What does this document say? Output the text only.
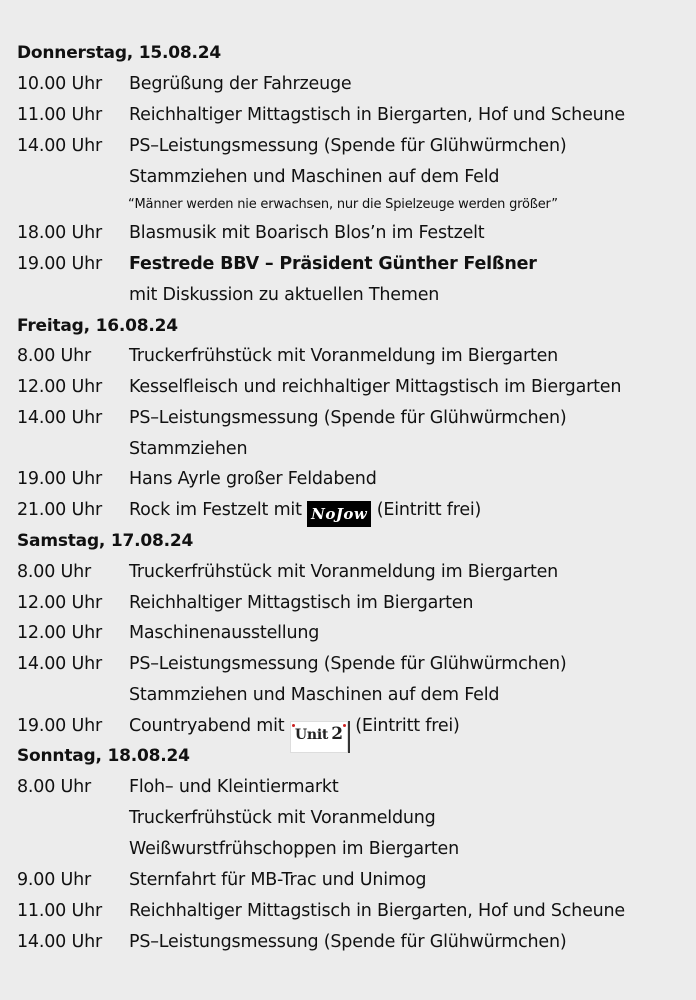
Donnerstag, 15.08.24
10.00 Uhr Begrüßung der Fahrzeuge
11.00 Uhr Reichhaltiger Mittagstisch in Biergarten, Hof und Scheune
14.00 Uhr PS–Leistungsmessung (Spende für Glühwürmchen)
Stammziehen und Maschinen auf dem Feld
“Männer werden nie erwachsen, nur die Spielzeuge werden größer”
18.00 Uhr Blasmusik mit Boarisch Blos’n im Festzelt
19.00 Uhr Festrede BBV – Präsident Günther Felßner
mit Diskussion zu aktuellen Themen
Freitag, 16.08.24
8.00 Uhr Truckerfrühstück mit Voranmeldung im Biergarten
12.00 Uhr Kesselfleisch und reichhaltiger Mittagstisch im Biergarten
14.00 Uhr PS–Leistungsmessung (Spende für Glühwürmchen)
Stammziehen
19.00 Uhr Hans Ayrle großer Feldabend
21.00 Uhr Rock im Festzelt mit NoJow (Eintritt frei)
Samstag, 17.08.24
8.00 Uhr Truckerfrühstück mit Voranmeldung im Biergarten
12.00 Uhr Reichhaltiger Mittagstisch im Biergarten
12.00 Uhr Maschinenausstellung
14.00 Uhr PS–Leistungsmessung (Spende für Glühwürmchen)
Stammziehen und Maschinen auf dem Feld
19.00 Uhr Countryabend mit
Unit 2 (Eintritt frei)
Sonntag, 18.08.24
8.00 Uhr Floh– und Kleintiermarkt
Truckerfrühstück mit Voranmeldung
Weißwurstfrühschoppen im Biergarten
9.00 Uhr Sternfahrt für MB-Trac und Unimog
11.00 Uhr Reichhaltiger Mittagstisch in Biergarten, Hof und Scheune
14.00 Uhr PS–Leistungsmessung (Spende für Glühwürmchen)
